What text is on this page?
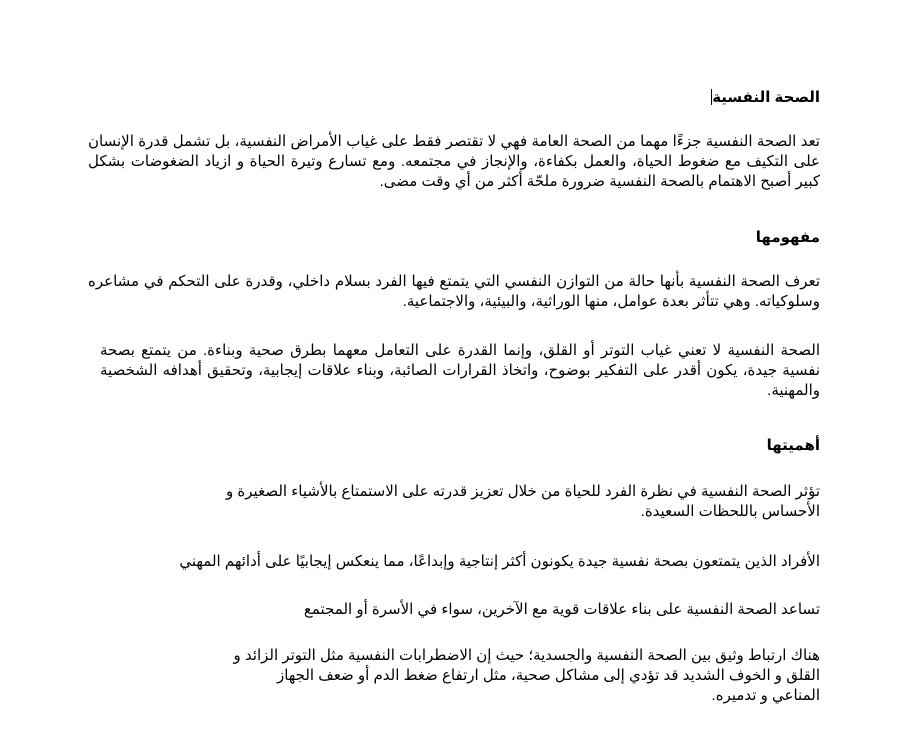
الصحة النفسية

تعد الصحة النفسية جزءًا مهما من الصحة العامة فهي لا تقتصر فقط على غياب الأمراض النفسية، بل تشمل قدرة الإنسان على التكيف مع ضغوط الحياة، والعمل بكفاءة، والإنجاز في مجتمعه. ومع تسارع وتيرة الحياة و ازياد الضغوضات بشكل كبير أصبح الاهتمام بالصحة النفسية ضرورة ملحّة أكثر من أي وقت مضى.

مفهومها

تعرف الصحة النفسية بأنها حالة من التوازن النفسي التي يتمتع فيها الفرد بسلام داخلي، وقدرة على التحكم في مشاعره وسلوكياته. وهي تتأثر بعدة عوامل، منها الوراثية، والبيئية، والاجتماعية.

الصحة النفسية لا تعني غياب التوتر أو القلق، وإنما القدرة على التعامل معهما بطرق صحية وبناءة. من يتمتع بصحة نفسية جيدة، يكون أقدر على التفكير بوضوح، واتخاذ القرارات الصائبة، وبناء علاقات إيجابية، وتحقيق أهدافه الشخصية والمهنية.

أهميتها

تؤثر الصحة النفسية في نظرة الفرد للحياة من خلال تعزيز قدرته على الاستمتاع بالأشياء الصغيرة و
الأحساس باللحظات السعيدة.

الأفراد الذين يتمتعون بصحة نفسية جيدة يكونون أكثر إنتاجية وإبداعًا، مما ينعكس إيجابيًا على أدائهم المهني

تساعد الصحة النفسية على بناء علاقات قوية مع الآخرين، سواء في الأسرة أو المجتمع

هناك ارتباط وثيق بين الصحة النفسية والجسدية؛ حيث إن الاضطرابات النفسية مثل التوتر الزائد و
القلق و الخوف الشديد قد تؤدي إلى مشاكل صحية، مثل ارتفاع ضغط الدم أو ضعف الجهاز
المناعي و تدميره.
